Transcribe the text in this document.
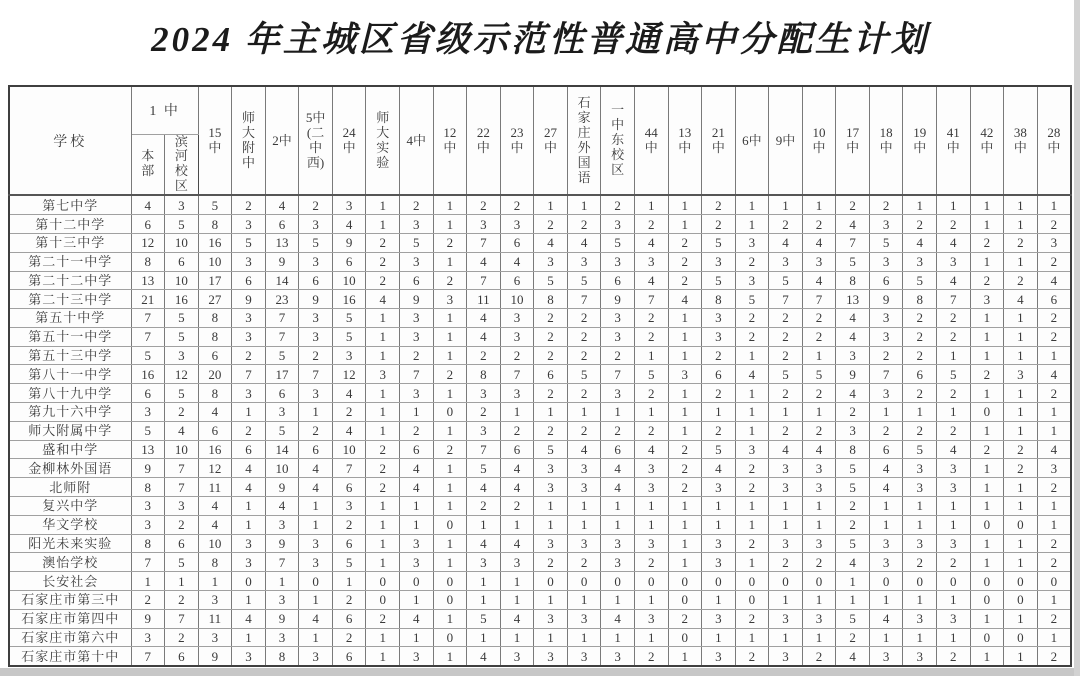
2024 年主城区省级示范性普通高中分配生计划
学校	1 中		15中	师大附中	2中	5中(二中西)	24中	师大实验	4中	12中	22中	23中	27中	石家庄外国语	一中东校区	44中	13中	21中	6中	9中	10中	17中	18中	19中	41中	42中	38中	28中
	本部	滨河校区																										
第七中学	4	3	5	2	4	2	3	1	2	1	2	2	1	1	2	1	1	2	1	1	1	2	2	1	1	1	1	1
第十二中学	6	5	8	3	6	3	4	1	3	1	3	3	2	2	3	2	1	2	1	2	2	4	3	2	2	1	1	2
第十三中学	12	10	16	5	13	5	9	2	5	2	7	6	4	4	5	4	2	5	3	4	4	7	5	4	4	2	2	3
第二十一中学	8	6	10	3	9	3	6	2	3	1	4	4	3	3	3	3	2	3	2	3	3	5	3	3	3	1	1	2
第二十二中学	13	10	17	6	14	6	10	2	6	2	7	6	5	5	6	4	2	5	3	5	4	8	6	5	4	2	2	4
第二十三中学	21	16	27	9	23	9	16	4	9	3	11	10	8	7	9	7	4	8	5	7	7	13	9	8	7	3	4	6
第五十中学	7	5	8	3	7	3	5	1	3	1	4	3	2	2	3	2	1	3	2	2	2	4	3	2	2	1	1	2
第五十一中学	7	5	8	3	7	3	5	1	3	1	4	3	2	2	3	2	1	3	2	2	2	4	3	2	2	1	1	2
第五十三中学	5	3	6	2	5	2	3	1	2	1	2	2	2	2	2	1	1	2	1	2	1	3	2	2	1	1	1	1
第八十一中学	16	12	20	7	17	7	12	3	7	2	8	7	6	5	7	5	3	6	4	5	5	9	7	6	5	2	3	4
第八十九中学	6	5	8	3	6	3	4	1	3	1	3	3	2	2	3	2	1	2	1	2	2	4	3	2	2	1	1	2
第九十六中学	3	2	4	1	3	1	2	1	1	0	2	1	1	1	1	1	1	1	1	1	1	2	1	1	1	0	1	1
师大附属中学	5	4	6	2	5	2	4	1	2	1	3	2	2	2	2	2	1	2	1	2	2	3	2	2	2	1	1	1
盛和中学	13	10	16	6	14	6	10	2	6	2	7	6	5	4	6	4	2	5	3	4	4	8	6	5	4	2	2	4
金柳林外国语	9	7	12	4	10	4	7	2	4	1	5	4	3	3	4	3	2	4	2	3	3	5	4	3	3	1	2	3
北师附	8	7	11	4	9	4	6	2	4	1	4	4	3	3	4	3	2	3	2	3	3	5	4	3	3	1	1	2
复兴中学	3	3	4	1	4	1	3	1	1	1	2	2	1	1	1	1	1	1	1	1	1	2	1	1	1	1	1	1
华文学校	3	2	4	1	3	1	2	1	1	0	1	1	1	1	1	1	1	1	1	1	1	2	1	1	1	0	0	1
阳光未来实验	8	6	10	3	9	3	6	1	3	1	4	4	3	3	3	3	1	3	2	3	3	5	3	3	3	1	1	2
澳怡学校	7	5	8	3	7	3	5	1	3	1	3	3	2	2	3	2	1	3	1	2	2	4	3	2	2	1	1	2
长安社会	1	1	1	0	1	0	1	0	0	0	1	1	0	0	0	0	0	0	0	0	0	1	0	0	0	0	0	0
石家庄市第三中	2	2	3	1	3	1	2	0	1	0	1	1	1	1	1	1	0	1	0	1	1	1	1	1	1	0	0	1
石家庄市第四中	9	7	11	4	9	4	6	2	4	1	5	4	3	3	4	3	2	3	2	3	3	5	4	3	3	1	1	2
石家庄市第六中	3	2	3	1	3	1	2	1	1	0	1	1	1	1	1	1	0	1	1	1	1	2	1	1	1	0	0	1
石家庄市第十中	7	6	9	3	8	3	6	1	3	1	4	3	3	3	3	2	1	3	2	3	2	4	3	3	2	1	1	2
